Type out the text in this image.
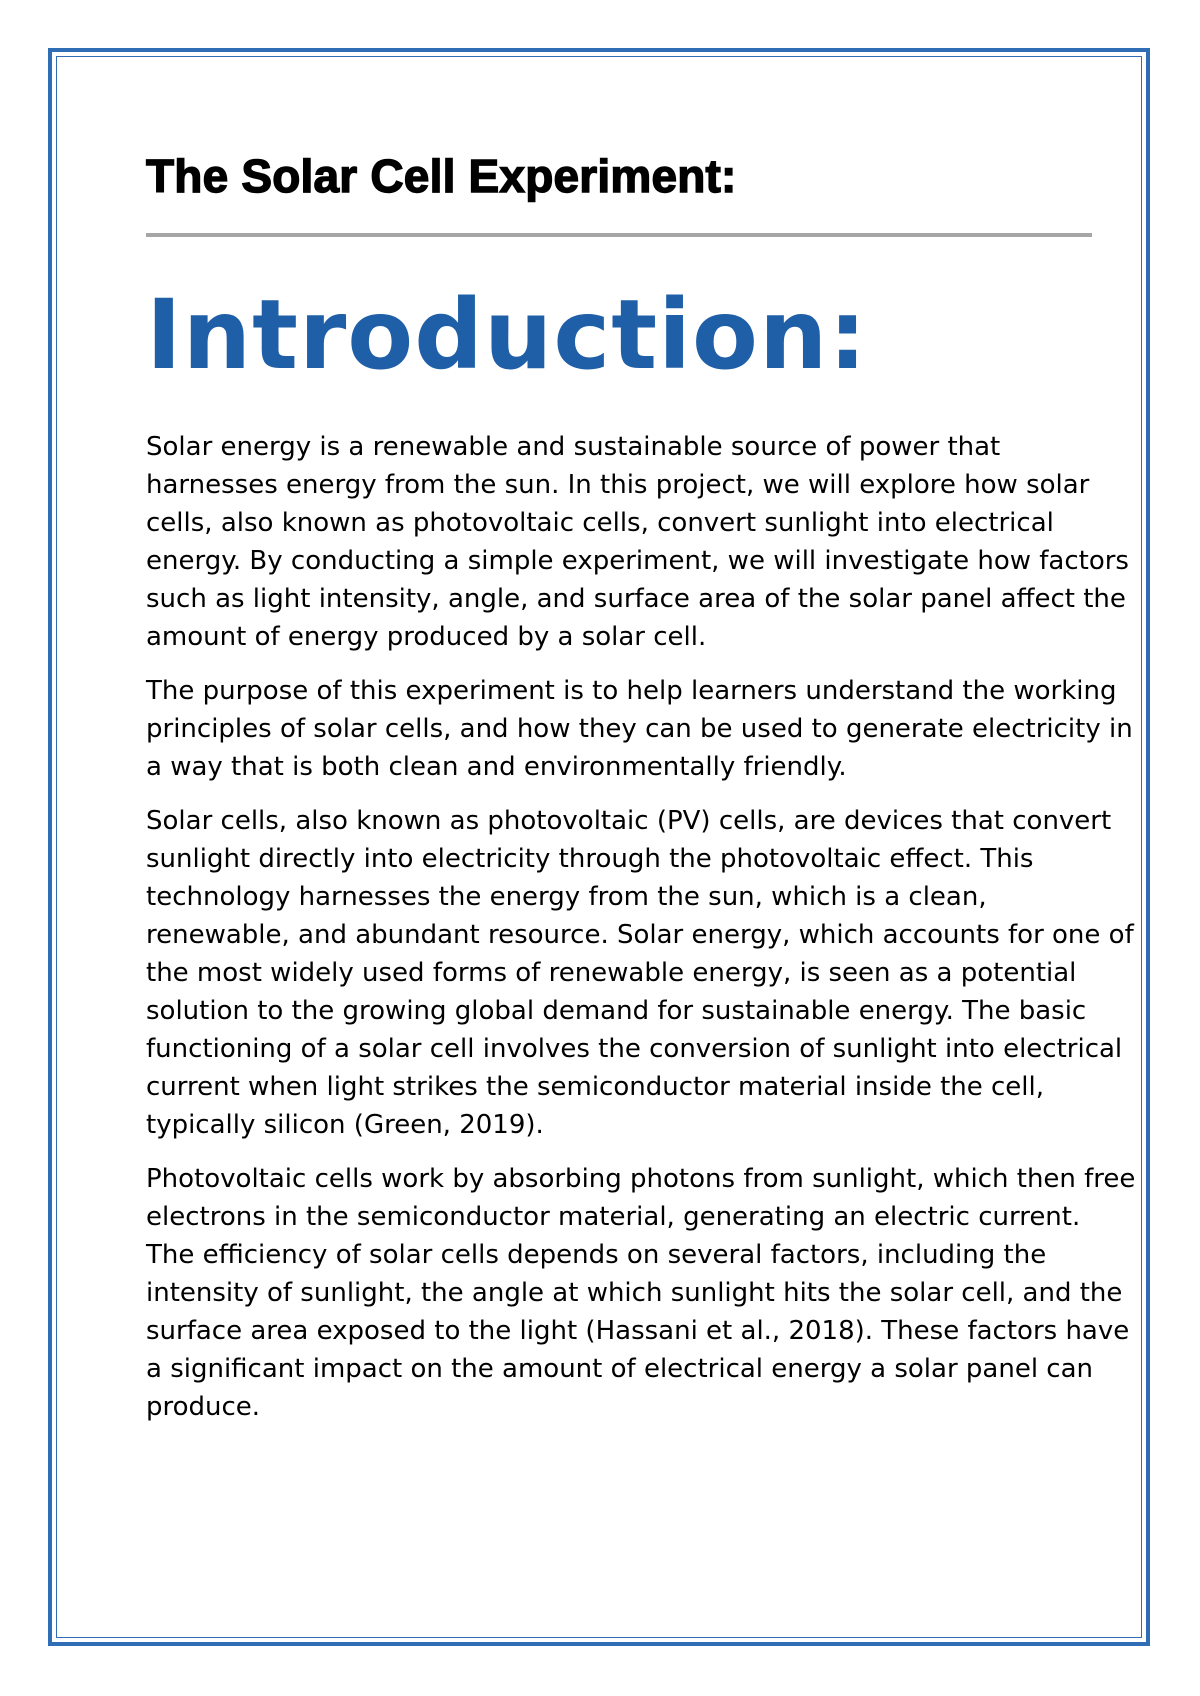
The Solar Cell Experiment:
Introduction:

Solar energy is a renewable and sustainable source of power that harnesses energy from the sun. In this project, we will explore how solar cells, also known as photovoltaic cells, convert sunlight into electrical energy. By conducting a simple experiment, we will investigate how factors such as light intensity, angle, and surface area of the solar panel affect the amount of energy produced by a solar cell.

The purpose of this experiment is to help learners understand the working principles of solar cells, and how they can be used to generate electricity in a way that is both clean and environmentally friendly.

Solar cells, also known as photovoltaic (PV) cells, are devices that convert sunlight directly into electricity through the photovoltaic effect. This technology harnesses the energy from the sun, which is a clean, renewable, and abundant resource. Solar energy, which accounts for one of the most widely used forms of renewable energy, is seen as a potential solution to the growing global demand for sustainable energy. The basic functioning of a solar cell involves the conversion of sunlight into electrical current when light strikes the semiconductor material inside the cell, typically silicon (Green, 2019).

Photovoltaic cells work by absorbing photons from sunlight, which then free electrons in the semiconductor material, generating an electric current. The efficiency of solar cells depends on several factors, including the intensity of sunlight, the angle at which sunlight hits the solar cell, and the surface area exposed to the light (Hassani et al., 2018). These factors have a significant impact on the amount of electrical energy a solar panel can produce.
